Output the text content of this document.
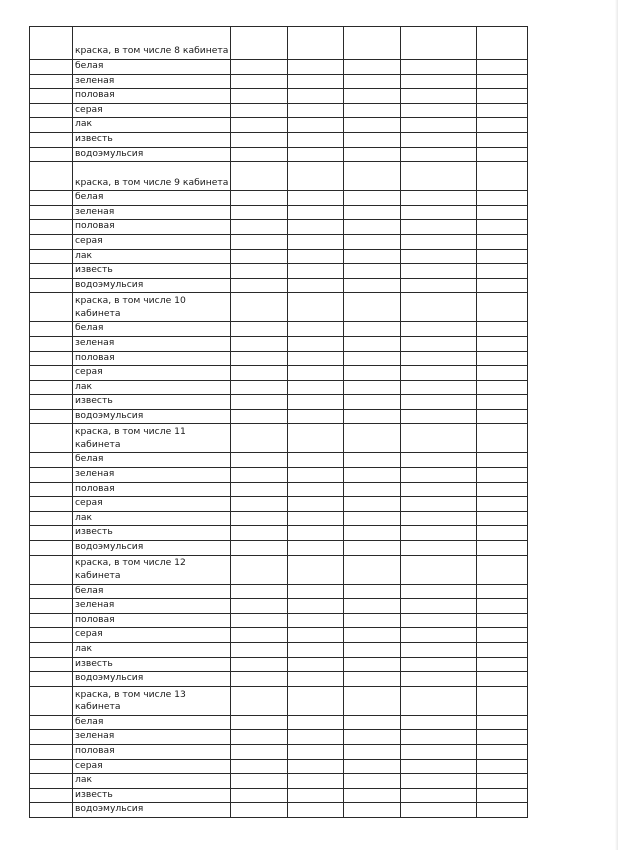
	краска, в том числе 8 кабинета					
	белая					
	зеленая					
	половая					
	серая					
	лак					
	известь					
	водоэмульсия					
	краска, в том числе 9 кабинета					
	белая					
	зеленая					
	половая					
	серая					
	лак					
	известь					
	водоэмульсия					
	краска, в том числе 10 кабинета					
	белая					
	зеленая					
	половая					
	серая					
	лак					
	известь					
	водоэмульсия					
	краска, в том числе 11 кабинета					
	белая					
	зеленая					
	половая					
	серая					
	лак					
	известь					
	водоэмульсия					
	краска, в том числе 12 кабинета					
	белая					
	зеленая					
	половая					
	серая					
	лак					
	известь					
	водоэмульсия					
	краска, в том числе 13 кабинета					
	белая					
	зеленая					
	половая					
	серая					
	лак					
	известь					
	водоэмульсия					
